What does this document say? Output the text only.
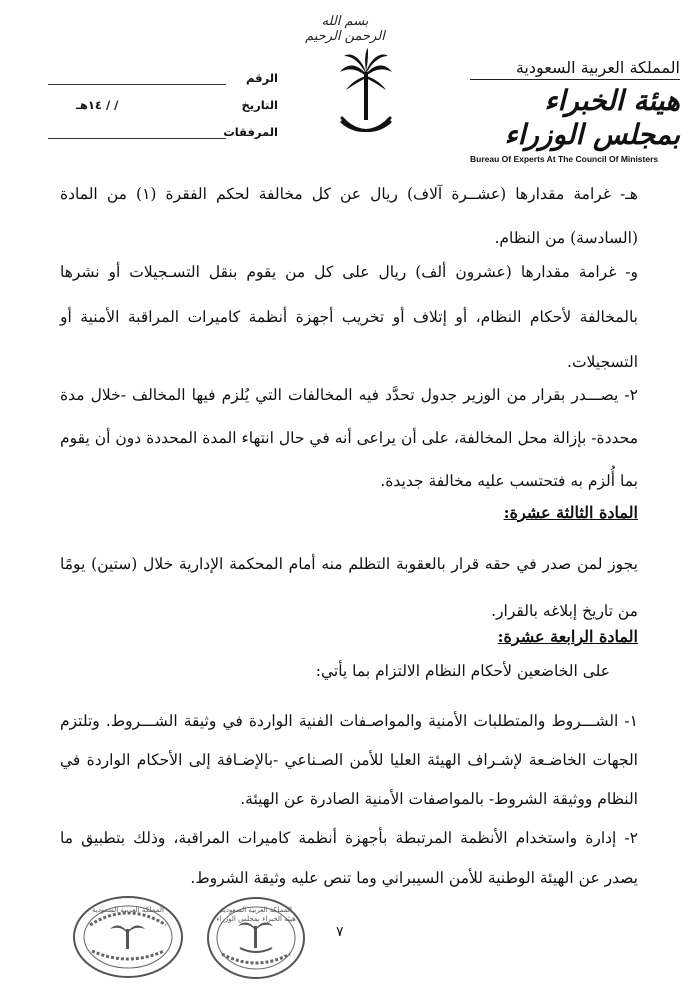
بسم الله الرحمن الرحيم
المملكة العربية السعودية
هيئة الخبراء بمجلس الوزراء
Bureau Of Experts At The Council Of Ministers
الرقم
التاريخ
/ / ١٤هـ
المرفقات
هـ- غرامة مقدارها (عشــرة آلاف) ريال عن كل مخالفة لحكم الفقرة (١) من المادة (السادسة) من النظام.
و- غرامة مقدارها (عشرون ألف) ريال على كل من يقوم بنقل التسـجيلات أو نشرها بالمخالفة لأحكام النظام، أو إتلاف أو تخريب أجهزة أنظمة كاميرات المراقبة الأمنية أو التسجيلات.
٢- يصـــدر بقرار من الوزير جدول تحدَّد فيه المخالفات التي يُلزم فيها المخالف -خلال مدة محددة- بإزالة محل المخالفة، على أن يراعى أنه في حال انتهاء المدة المحددة دون أن يقوم بما أُلزم به فتحتسب عليه مخالفة جديدة.
المادة الثالثة عشرة:
يجوز لمن صدر في حقه قرار بالعقوبة التظلم منه أمام المحكمة الإدارية خلال (ستين) يومًا من تاريخ إبلاغه بالقرار.
المادة الرابعة عشرة:
على الخاضعين لأحكام النظام الالتزام بما يأتي:
١- الشـــروط والمتطلبات الأمنية والمواصـفات الفنية الواردة في وثيقة الشـــروط. وتلتزم الجهات الخاضـعة لإشـراف الهيئة العليا للأمن الصـناعي -بالإضـافة إلى الأحكام الواردة في النظام ووثيقة الشروط- بالمواصفات الأمنية الصادرة عن الهيئة.
٢- إدارة واستخدام الأنظمة المرتبطة بأجهزة أنظمة كاميرات المراقبة، وذلك بتطبيق ما يصدر عن الهيئة الوطنية للأمن السيبراني وما تنص عليه وثيقة الشروط.
المملكة العربية السعودية	المملكة العربية السعودية هيئة الخبراء بمجلس الوزراء
٧
